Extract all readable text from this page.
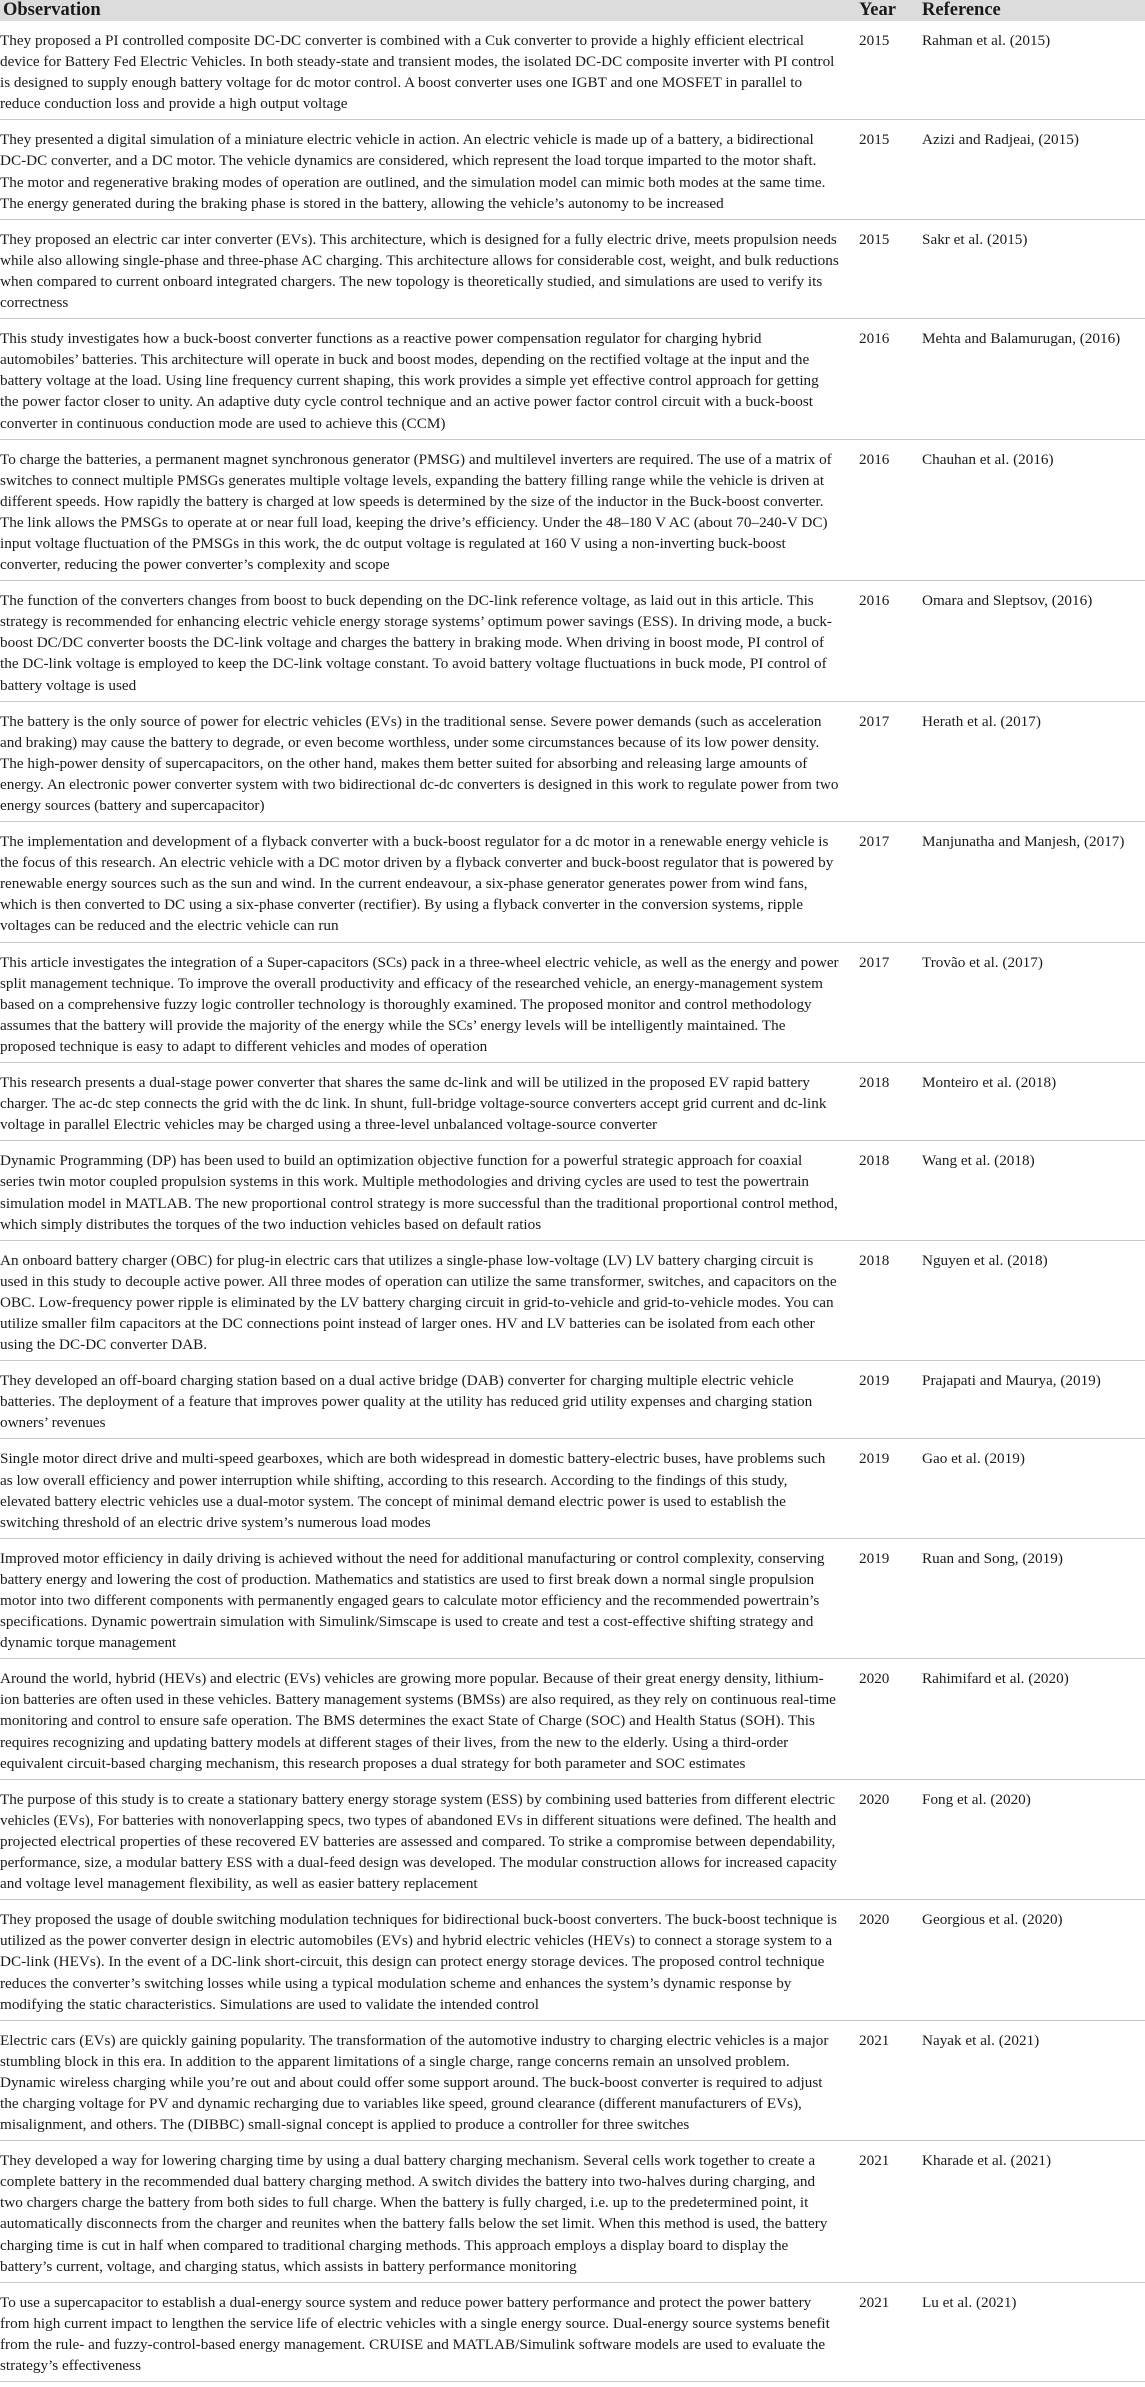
Observation	Year	Reference
They proposed a PI controlled composite DC-DC converter is combined with a Cuk converter to provide a highly efficient electrical device for Battery Fed Electric Vehicles. In both steady-state and transient modes, the isolated DC-DC composite inverter with PI control is designed to supply enough battery voltage for dc motor control. A boost converter uses one IGBT and one MOSFET in parallel to reduce conduction loss and provide a high output voltage	2015	Rahman et al. (2015)
They presented a digital simulation of a miniature electric vehicle in action. An electric vehicle is made up of a battery, a bidirectional DC-DC converter, and a DC motor. The vehicle dynamics are considered, which represent the load torque imparted to the motor shaft. The motor and regenerative braking modes of operation are outlined, and the simulation model can mimic both modes at the same time. The energy generated during the braking phase is stored in the battery, allowing the vehicle’s autonomy to be increased	2015	Azizi and Radjeai, (2015)
They proposed an electric car inter converter (EVs). This architecture, which is designed for a fully electric drive, meets propulsion needs while also allowing single-phase and three-phase AC charging. This architecture allows for considerable cost, weight, and bulk reductions when compared to current onboard integrated chargers. The new topology is theoretically studied, and simulations are used to verify its correctness	2015	Sakr et al. (2015)
This study investigates how a buck-boost converter functions as a reactive power compensation regulator for charging hybrid automobiles’ batteries. This architecture will operate in buck and boost modes, depending on the rectified voltage at the input and the battery voltage at the load. Using line frequency current shaping, this work provides a simple yet effective control approach for getting the power factor closer to unity. An adaptive duty cycle control technique and an active power factor control circuit with a buck-boost converter in continuous conduction mode are used to achieve this (CCM)	2016	Mehta and Balamurugan, (2016)
To charge the batteries, a permanent magnet synchronous generator (PMSG) and multilevel inverters are required. The use of a matrix of switches to connect multiple PMSGs generates multiple voltage levels, expanding the battery filling range while the vehicle is driven at different speeds. How rapidly the battery is charged at low speeds is determined by the size of the inductor in the Buck-boost converter. The link allows the PMSGs to operate at or near full load, keeping the drive’s efficiency. Under the 48–180 V AC (about 70–240-V DC) input voltage fluctuation of the PMSGs in this work, the dc output voltage is regulated at 160 V using a non-inverting buck-boost converter, reducing the power converter’s complexity and scope	2016	Chauhan et al. (2016)
The function of the converters changes from boost to buck depending on the DC-link reference voltage, as laid out in this article. This strategy is recommended for enhancing electric vehicle energy storage systems’ optimum power savings (ESS). In driving mode, a buck-boost DC/DC converter boosts the DC-link voltage and charges the battery in braking mode. When driving in boost mode, PI control of the DC-link voltage is employed to keep the DC-link voltage constant. To avoid battery voltage fluctuations in buck mode, PI control of battery voltage is used	2016	Omara and Sleptsov, (2016)
The battery is the only source of power for electric vehicles (EVs) in the traditional sense. Severe power demands (such as acceleration and braking) may cause the battery to degrade, or even become worthless, under some circumstances because of its low power density. The high-power density of supercapacitors, on the other hand, makes them better suited for absorbing and releasing large amounts of energy. An electronic power converter system with two bidirectional dc-dc converters is designed in this work to regulate power from two energy sources (battery and supercapacitor)	2017	Herath et al. (2017)
The implementation and development of a flyback converter with a buck-boost regulator for a dc motor in a renewable energy vehicle is the focus of this research. An electric vehicle with a DC motor driven by a flyback converter and buck-boost regulator that is powered by renewable energy sources such as the sun and wind. In the current endeavour, a six-phase generator generates power from wind fans, which is then converted to DC using a six-phase converter (rectifier). By using a flyback converter in the conversion systems, ripple voltages can be reduced and the electric vehicle can run	2017	Manjunatha and Manjesh, (2017)
This article investigates the integration of a Super-capacitors (SCs) pack in a three-wheel electric vehicle, as well as the energy and power split management technique. To improve the overall productivity and efficacy of the researched vehicle, an energy-management system based on a comprehensive fuzzy logic controller technology is thoroughly examined. The proposed monitor and control methodology assumes that the battery will provide the majority of the energy while the SCs’ energy levels will be intelligently maintained. The proposed technique is easy to adapt to different vehicles and modes of operation	2017	Trovão et al. (2017)
This research presents a dual-stage power converter that shares the same dc-link and will be utilized in the proposed EV rapid battery charger. The ac-dc step connects the grid with the dc link. In shunt, full-bridge voltage-source converters accept grid current and dc-link voltage in parallel Electric vehicles may be charged using a three-level unbalanced voltage-source converter	2018	Monteiro et al. (2018)
Dynamic Programming (DP) has been used to build an optimization objective function for a powerful strategic approach for coaxial series twin motor coupled propulsion systems in this work. Multiple methodologies and driving cycles are used to test the powertrain simulation model in MATLAB. The new proportional control strategy is more successful than the traditional proportional control method, which simply distributes the torques of the two induction vehicles based on default ratios	2018	Wang et al. (2018)
An onboard battery charger (OBC) for plug-in electric cars that utilizes a single-phase low-voltage (LV) LV battery charging circuit is used in this study to decouple active power. All three modes of operation can utilize the same transformer, switches, and capacitors on the OBC. Low-frequency power ripple is eliminated by the LV battery charging circuit in grid-to-vehicle and grid-to-vehicle modes. You can utilize smaller film capacitors at the DC connections point instead of larger ones. HV and LV batteries can be isolated from each other using the DC-DC converter DAB.	2018	Nguyen et al. (2018)
They developed an off-board charging station based on a dual active bridge (DAB) converter for charging multiple electric vehicle batteries. The deployment of a feature that improves power quality at the utility has reduced grid utility expenses and charging station owners’ revenues	2019	Prajapati and Maurya, (2019)
Single motor direct drive and multi-speed gearboxes, which are both widespread in domestic battery-electric buses, have problems such as low overall efficiency and power interruption while shifting, according to this research. According to the findings of this study, elevated battery electric vehicles use a dual-motor system. The concept of minimal demand electric power is used to establish the switching threshold of an electric drive system’s numerous load modes	2019	Gao et al. (2019)
Improved motor efficiency in daily driving is achieved without the need for additional manufacturing or control complexity, conserving battery energy and lowering the cost of production. Mathematics and statistics are used to first break down a normal single propulsion motor into two different components with permanently engaged gears to calculate motor efficiency and the recommended powertrain’s specifications. Dynamic powertrain simulation with Simulink/Simscape is used to create and test a cost-effective shifting strategy and dynamic torque management	2019	Ruan and Song, (2019)
Around the world, hybrid (HEVs) and electric (EVs) vehicles are growing more popular. Because of their great energy density, lithium-ion batteries are often used in these vehicles. Battery management systems (BMSs) are also required, as they rely on continuous real-time monitoring and control to ensure safe operation. The BMS determines the exact State of Charge (SOC) and Health Status (SOH). This requires recognizing and updating battery models at different stages of their lives, from the new to the elderly. Using a third-order equivalent circuit-based charging mechanism, this research proposes a dual strategy for both parameter and SOC estimates	2020	Rahimifard et al. (2020)
The purpose of this study is to create a stationary battery energy storage system (ESS) by combining used batteries from different electric vehicles (EVs), For batteries with nonoverlapping specs, two types of abandoned EVs in different situations were defined. The health and projected electrical properties of these recovered EV batteries are assessed and compared. To strike a compromise between dependability, performance, size, a modular battery ESS with a dual-feed design was developed. The modular construction allows for increased capacity and voltage level management flexibility, as well as easier battery replacement	2020	Fong et al. (2020)
They proposed the usage of double switching modulation techniques for bidirectional buck-boost converters. The buck-boost technique is utilized as the power converter design in electric automobiles (EVs) and hybrid electric vehicles (HEVs) to connect a storage system to a DC-link (HEVs). In the event of a DC-link short-circuit, this design can protect energy storage devices. The proposed control technique reduces the converter’s switching losses while using a typical modulation scheme and enhances the system’s dynamic response by modifying the static characteristics. Simulations are used to validate the intended control	2020	Georgious et al. (2020)
Electric cars (EVs) are quickly gaining popularity. The transformation of the automotive industry to charging electric vehicles is a major stumbling block in this era. In addition to the apparent limitations of a single charge, range concerns remain an unsolved problem. Dynamic wireless charging while you’re out and about could offer some support around. The buck-boost converter is required to adjust the charging voltage for PV and dynamic recharging due to variables like speed, ground clearance (different manufacturers of EVs), misalignment, and others. The (DIBBC) small-signal concept is applied to produce a controller for three switches	2021	Nayak et al. (2021)
They developed a way for lowering charging time by using a dual battery charging mechanism. Several cells work together to create a complete battery in the recommended dual battery charging method. A switch divides the battery into two-halves during charging, and two chargers charge the battery from both sides to full charge. When the battery is fully charged, i.e. up to the predetermined point, it automatically disconnects from the charger and reunites when the battery falls below the set limit. When this method is used, the battery charging time is cut in half when compared to traditional charging methods. This approach employs a display board to display the battery’s current, voltage, and charging status, which assists in battery performance monitoring	2021	Kharade et al. (2021)
To use a supercapacitor to establish a dual-energy source system and reduce power battery performance and protect the power battery from high current impact to lengthen the service life of electric vehicles with a single energy source. Dual-energy source systems benefit from the rule- and fuzzy-control-based energy management. CRUISE and MATLAB/Simulink software models are used to evaluate the strategy’s effectiveness	2021	Lu et al. (2021)
